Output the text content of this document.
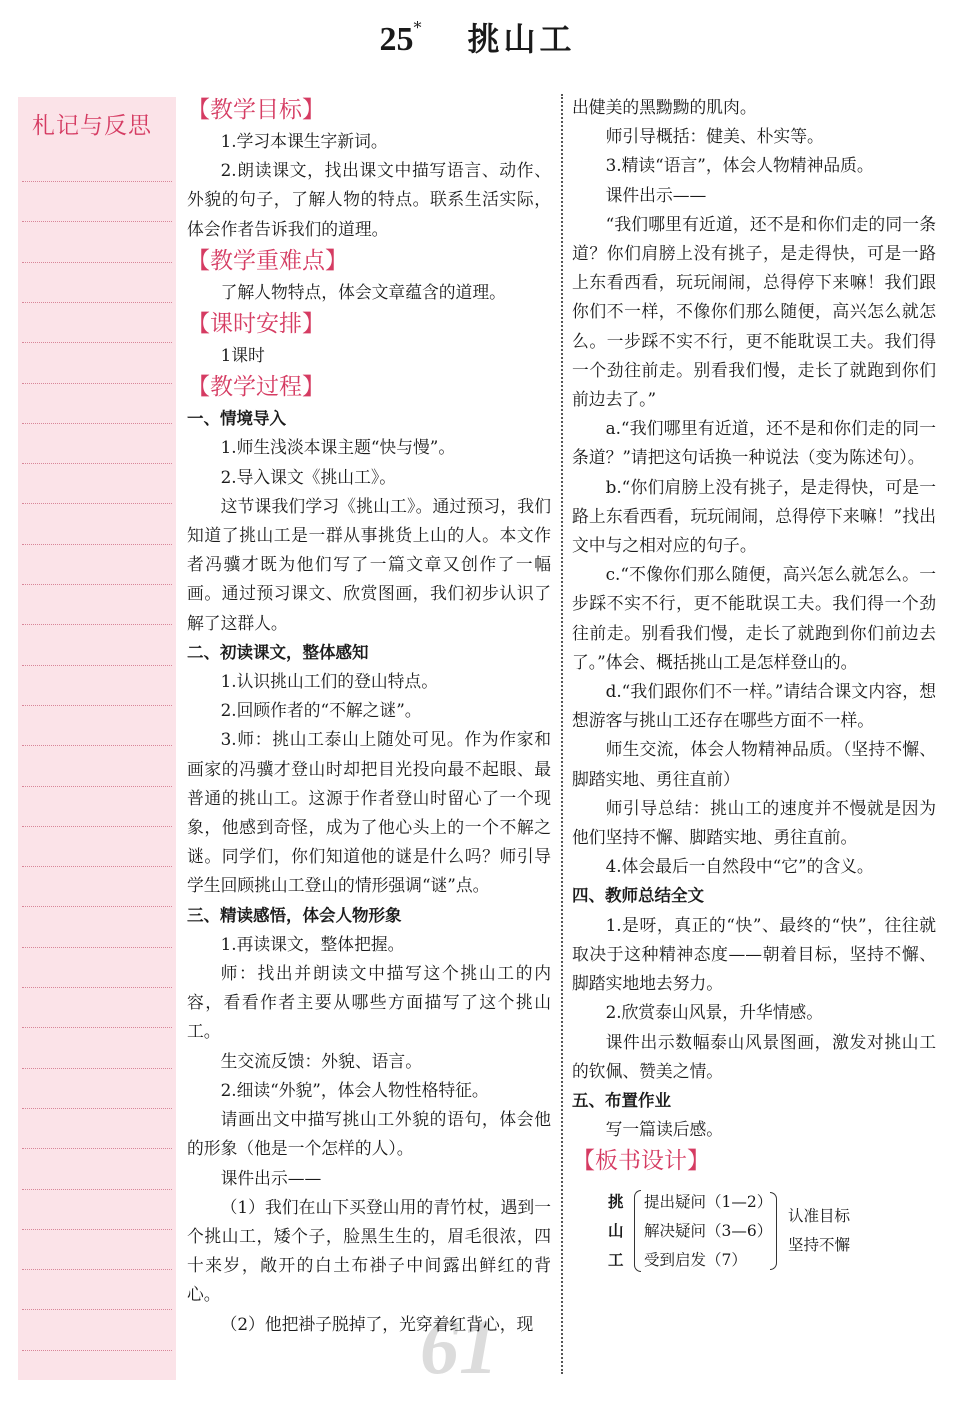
25* 挑山工
札记与反思
61
【教学目标】

1.学习本课生字新词。

2.朗读课文，找出课文中描写语言、动作、外貌的句子，了解人物的特点。联系生活实际，体会作者告诉我们的道理。

【教学重难点】

了解人物特点，体会文章蕴含的道理。

【课时安排】

1课时

【教学过程】

一、情境导入

1.师生浅淡本课主题“快与慢”。

2.导入课文《挑山工》。

这节课我们学习《挑山工》。通过预习，我们知道了挑山工是一群从事挑货上山的人。本文作者冯骥才既为他们写了一篇文章又创作了一幅画。通过预习课文、欣赏图画，我们初步认识了解了这群人。

二、初读课文，整体感知

1.认识挑山工们的登山特点。

2.回顾作者的“不解之谜”。

3.师：挑山工泰山上随处可见。作为作家和画家的冯骥才登山时却把目光投向最不起眼、最普通的挑山工。这源于作者登山时留心了一个现象，他感到奇怪，成为了他心头上的一个不解之谜。同学们，你们知道他的谜是什么吗？师引导学生回顾挑山工登山的情形强调“谜”点。

三、精读感悟，体会人物形象

1.再读课文，整体把握。

师：找出并朗读文中描写这个挑山工的内容，看看作者主要从哪些方面描写了这个挑山工。

生交流反馈：外貌、语言。

2.细读“外貌”，体会人物性格特征。

请画出文中描写挑山工外貌的语句，体会他的形象（他是一个怎样的人）。

课件出示——

（1）我们在山下买登山用的青竹杖，遇到一个挑山工，矮个子，脸黑生生的，眉毛很浓，四十来岁，敞开的白土布褂子中间露出鲜红的背心。

（2）他把褂子脱掉了，光穿着红背心，现

出健美的黑黝黝的肌肉。

师引导概括：健美、朴实等。

3.精读“语言”，体会人物精神品质。

课件出示——

“我们哪里有近道，还不是和你们走的同一条道？你们肩膀上没有挑子，是走得快，可是一路上东看西看，玩玩闹闹，总得停下来嘛！我们跟你们不一样，不像你们那么随便，高兴怎么就怎么。一步踩不实不行，更不能耽误工夫。我们得一个劲往前走。别看我们慢，走长了就跑到你们前边去了。”

a.“我们哪里有近道，还不是和你们走的同一条道？”请把这句话换一种说法（变为陈述句）。

b.“你们肩膀上没有挑子，是走得快，可是一路上东看西看，玩玩闹闹，总得停下来嘛！”找出文中与之相对应的句子。

c.“不像你们那么随便，高兴怎么就怎么。一步踩不实不行，更不能耽误工夫。我们得一个劲往前走。别看我们慢，走长了就跑到你们前边去了。”体会、概括挑山工是怎样登山的。

d.“我们跟你们不一样。”请结合课文内容，想想游客与挑山工还存在哪些方面不一样。

师生交流，体会人物精神品质。（坚持不懈、脚踏实地、勇往直前）

师引导总结：挑山工的速度并不慢就是因为他们坚持不懈、脚踏实地、勇往直前。

4.体会最后一自然段中“它”的含义。

四、教师总结全文

1.是呀，真正的“快”、最终的“快”，往往就取决于这种精神态度——朝着目标，坚持不懈、脚踏实地地去努力。

2.欣赏泰山风景，升华情感。

课件出示数幅泰山风景图画，激发对挑山工的钦佩、赞美之情。

五、布置作业

写一篇读后感。

【板书设计】
挑
山
工
提出疑问（1—2）
解决疑问（3—6）
受到启发（7）
认准目标
坚持不懈
